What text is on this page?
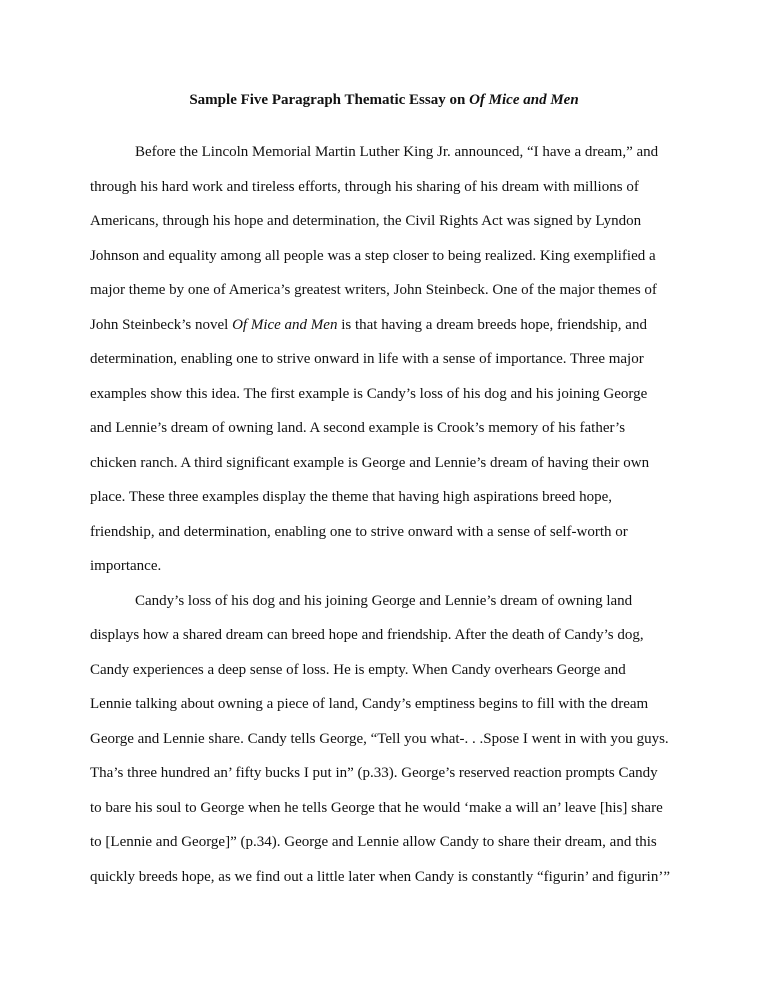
Sample Five Paragraph Thematic Essay on Of Mice and Men
Before the Lincoln Memorial Martin Luther King Jr. announced, “I have a dream,” and
through his hard work and tireless efforts, through his sharing of his dream with millions of
Americans, through his hope and determination, the Civil Rights Act was signed by Lyndon
Johnson and equality among all people was a step closer to being realized. King exemplified a
major theme by one of America’s greatest writers, John Steinbeck. One of the major themes of
John Steinbeck’s novel Of Mice and Men is that having a dream breeds hope, friendship, and
determination, enabling one to strive onward in life with a sense of importance. Three major
examples show this idea. The first example is Candy’s loss of his dog and his joining George
and Lennie’s dream of owning land. A second example is Crook’s memory of his father’s
chicken ranch. A third significant example is George and Lennie’s dream of having their own
place. These three examples display the theme that having high aspirations breed hope,
friendship, and determination, enabling one to strive onward with a sense of self-worth or
importance.
Candy’s loss of his dog and his joining George and Lennie’s dream of owning land
displays how a shared dream can breed hope and friendship. After the death of Candy’s dog,
Candy experiences a deep sense of loss. He is empty. When Candy overhears George and
Lennie talking about owning a piece of land, Candy’s emptiness begins to fill with the dream
George and Lennie share. Candy tells George, “Tell you what-. . .Spose I went in with you guys.
Tha’s three hundred an’ fifty bucks I put in” (p.33). George’s reserved reaction prompts Candy
to bare his soul to George when he tells George that he would ‘make a will an’ leave [his] share
to [Lennie and George]” (p.34). George and Lennie allow Candy to share their dream, and this
quickly breeds hope, as we find out a little later when Candy is constantly “figurin’ and figurin’”
